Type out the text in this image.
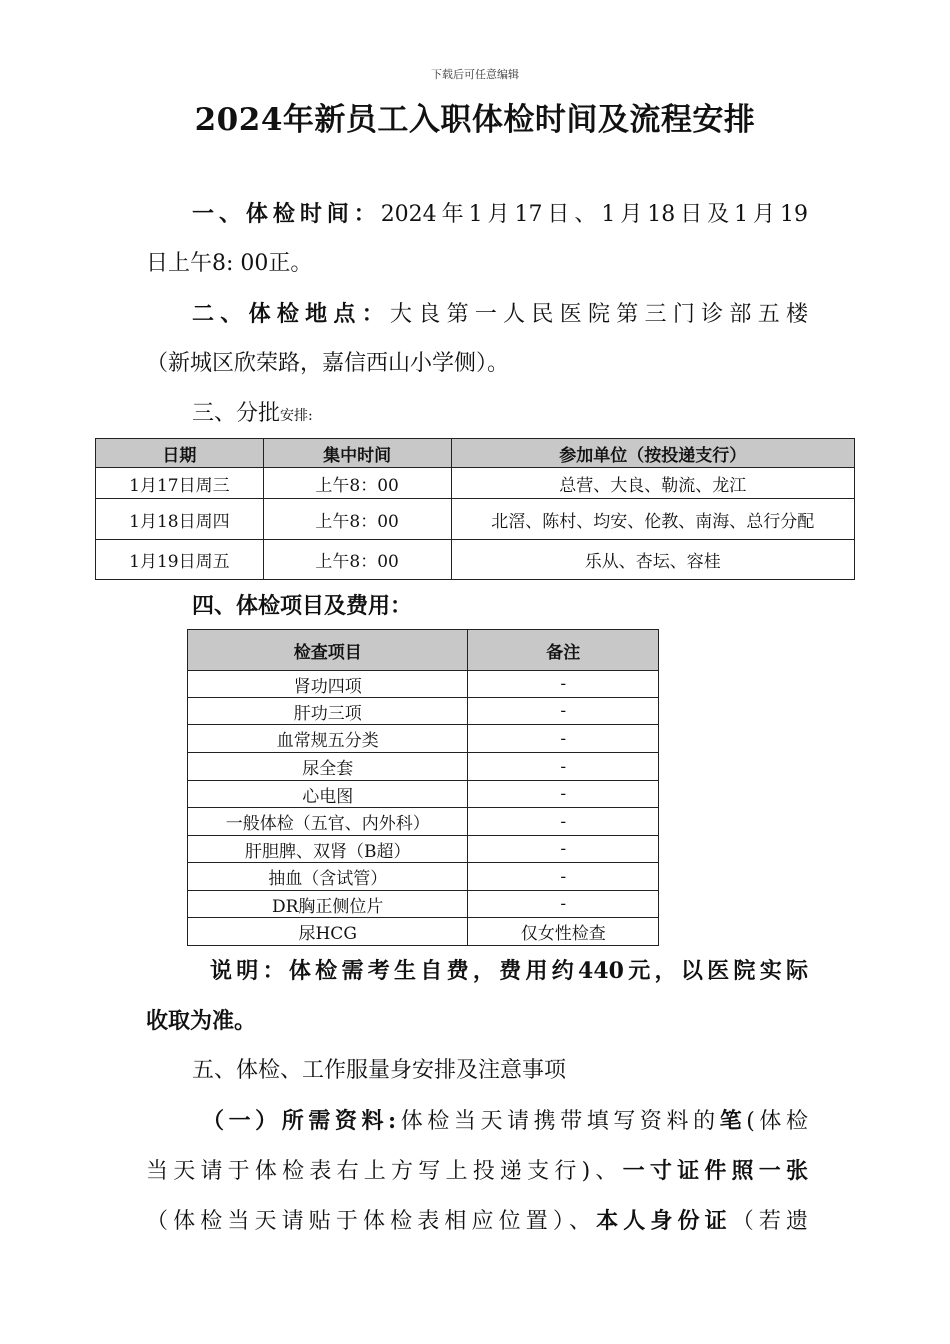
下载后可任意编辑
2024年新员工入职体检时间及流程安排
一、体检时间：2024年1月17日、1月18日及1月19
日上午8: 00正。
二、体检地点：大良第一人民医院第三门诊部五楼
（新城区欣荣路，嘉信西山小学侧）。
三、分批安排:
日期	集中时间	参加单位（按投递支行）
1月17日周三	上午8：00	总营、大良、勒流、龙江
1月18日周四	上午8：00	北滘、陈村、均安、伦教、南海、总行分配
1月19日周五	上午8：00	乐从、杏坛、容桂
四、体检项目及费用：
检查项目	备注
肾功四项	-
肝功三项	-
血常规五分类	-
尿全套	-
心电图	-
一般体检（五官、内外科）	-
肝胆脾、双肾（B超）	-
抽血（含试管）	-
DR胸正侧位片	-
尿HCG	仅女性检查
说明：体检需考生自费，费用约440元，以医院实际
收取为准。
五、体检、工作服量身安排及注意事项
（一）所需资料:体检当天请携带填写资料的笔(体检
当天请于体检表右上方写上投递支行)、一寸证件照一张
（体检当天请贴于体检表相应位置）、本人身份证（若遗
